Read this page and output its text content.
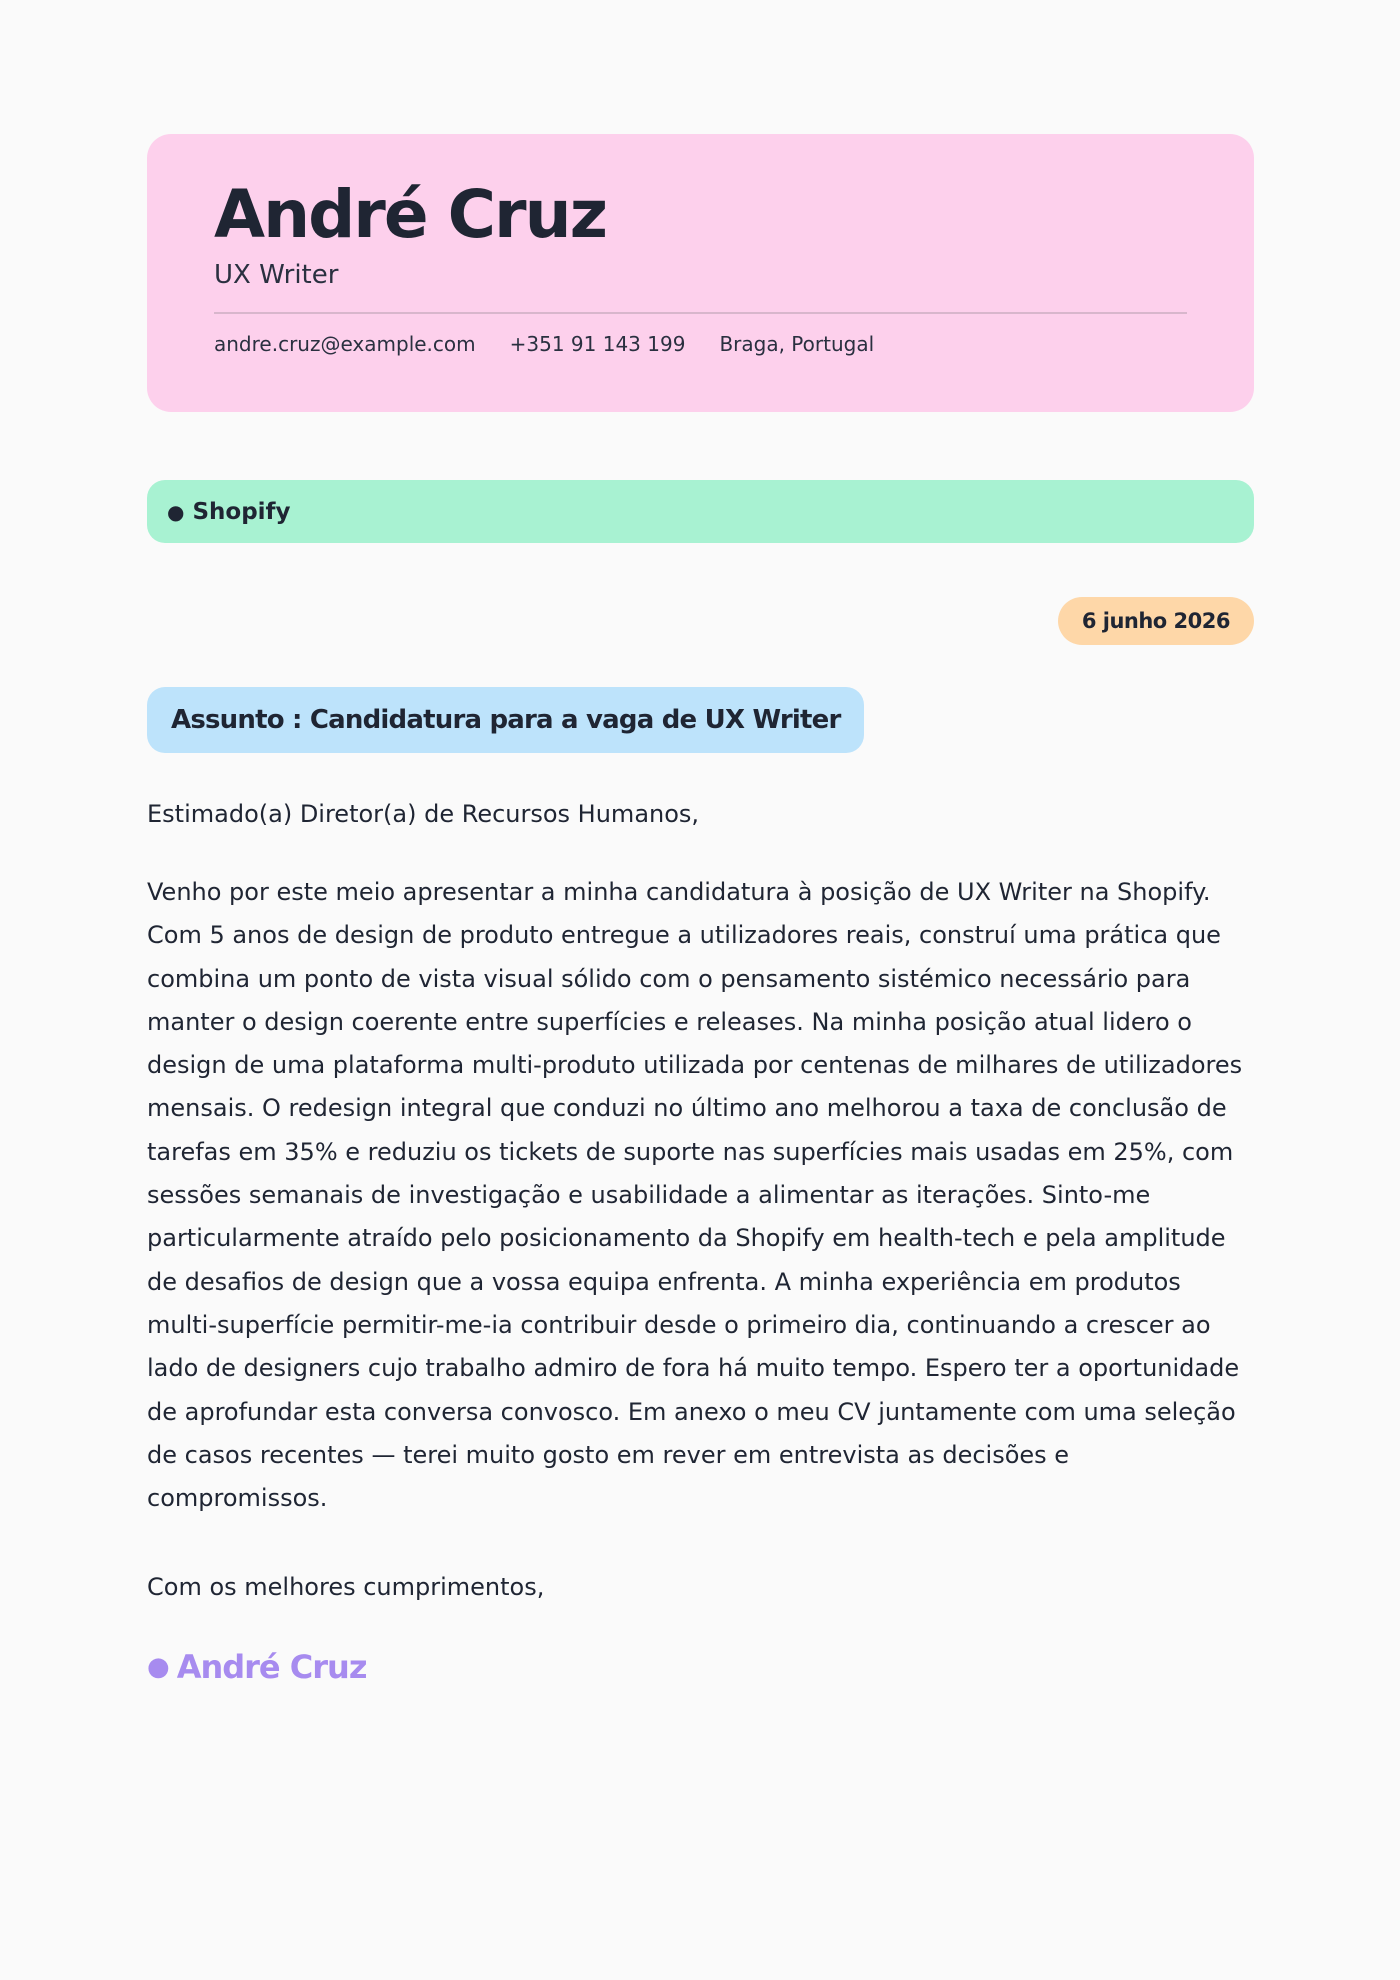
André Cruz
UX Writer
andre.cruz@example.com +351 91 143 199 Braga, Portugal
● Shopify
6 junho 2026
Assunto : Candidatura para a vaga de UX Writer
Estimado(a) Diretor(a) de Recursos Humanos,
Venho por este meio apresentar a minha candidatura à posição de UX Writer na Shopify. Com 5 anos de design de produto entregue a utilizadores reais, construí uma prática que combina um ponto de vista visual sólido com o pensamento sistémico necessário para manter o design coerente entre superfícies e releases. Na minha posição atual lidero o design de uma plataforma multi-produto utilizada por centenas de milhares de utilizadores mensais. O redesign integral que conduzi no último ano melhorou a taxa de conclusão de tarefas em 35% e reduziu os tickets de suporte nas superfícies mais usadas em 25%, com sessões semanais de investigação e usabilidade a alimentar as iterações. Sinto-me particularmente atraído pelo posicionamento da Shopify em health-tech e pela amplitude de desafios de design que a vossa equipa enfrenta. A minha experiência em produtos multi-superfície permitir-me-ia contribuir desde o primeiro dia, continuando a crescer ao lado de designers cujo trabalho admiro de fora há muito tempo. Espero ter a oportunidade de aprofundar esta conversa convosco. Em anexo o meu CV juntamente com uma seleção de casos recentes — terei muito gosto em rever em entrevista as decisões e compromissos.
Com os melhores cumprimentos,
● André Cruz
